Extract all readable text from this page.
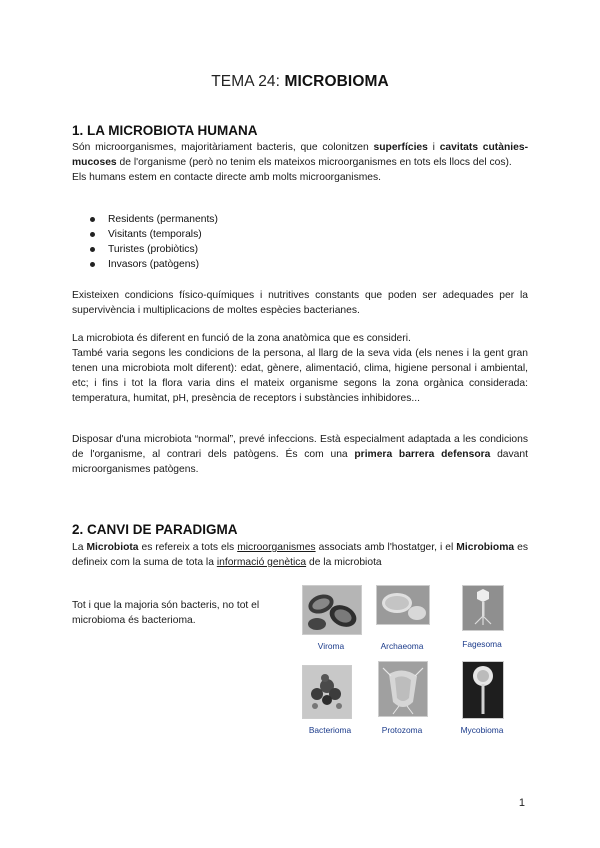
TEMA 24: MICROBIOMA
1. LA MICROBIOTA HUMANA
Són microorganismes, majoritàriament bacteris, que colonitzen superfícies i cavitats cutànies-mucoses de l'organisme (però no tenim els mateixos microorganismes en tots els llocs del cos).
Els humans estem en contacte directe amb molts microorganismes.
Residents (permanents)
Visitants (temporals)
Turistes (probiòtics)
Invasors (patògens)
Existeixen condicions físico-químiques i nutritives constants que poden ser adequades per la supervivència i multiplicacions de moltes espècies bacterianes.
La microbiota és diferent en funció de la zona anatòmica que es consideri.
També varia segons les condicions de la persona, al llarg de la seva vida (els nenes i la gent gran tenen una microbiota molt diferent): edat, gènere, alimentació, clima, higiene personal i ambiental, etc; i fins i tot la flora varia dins el mateix organisme segons la zona orgànica considerada: temperatura, humitat, pH, presència de receptors i substàncies inhibidores...
Disposar d'una microbiota “normal”, prevé infeccions. Està especialment adaptada a les condicions de l'organisme, al contrari dels patògens. És com una primera barrera defensora davant microorganismes patògens.
2. CANVI DE PARADIGMA
La Microbiota es refereix a tots els microorganismes associats amb l'hostatger, i el Microbioma es defineix com la suma de tota la informació genètica de la microbiota
Tot i que la majoria són bacteris, no tot el microbioma és bacterioma.
Viroma	Archaeoma	Fagesoma
Bacterioma	Protozoma	Mycobioma
1
